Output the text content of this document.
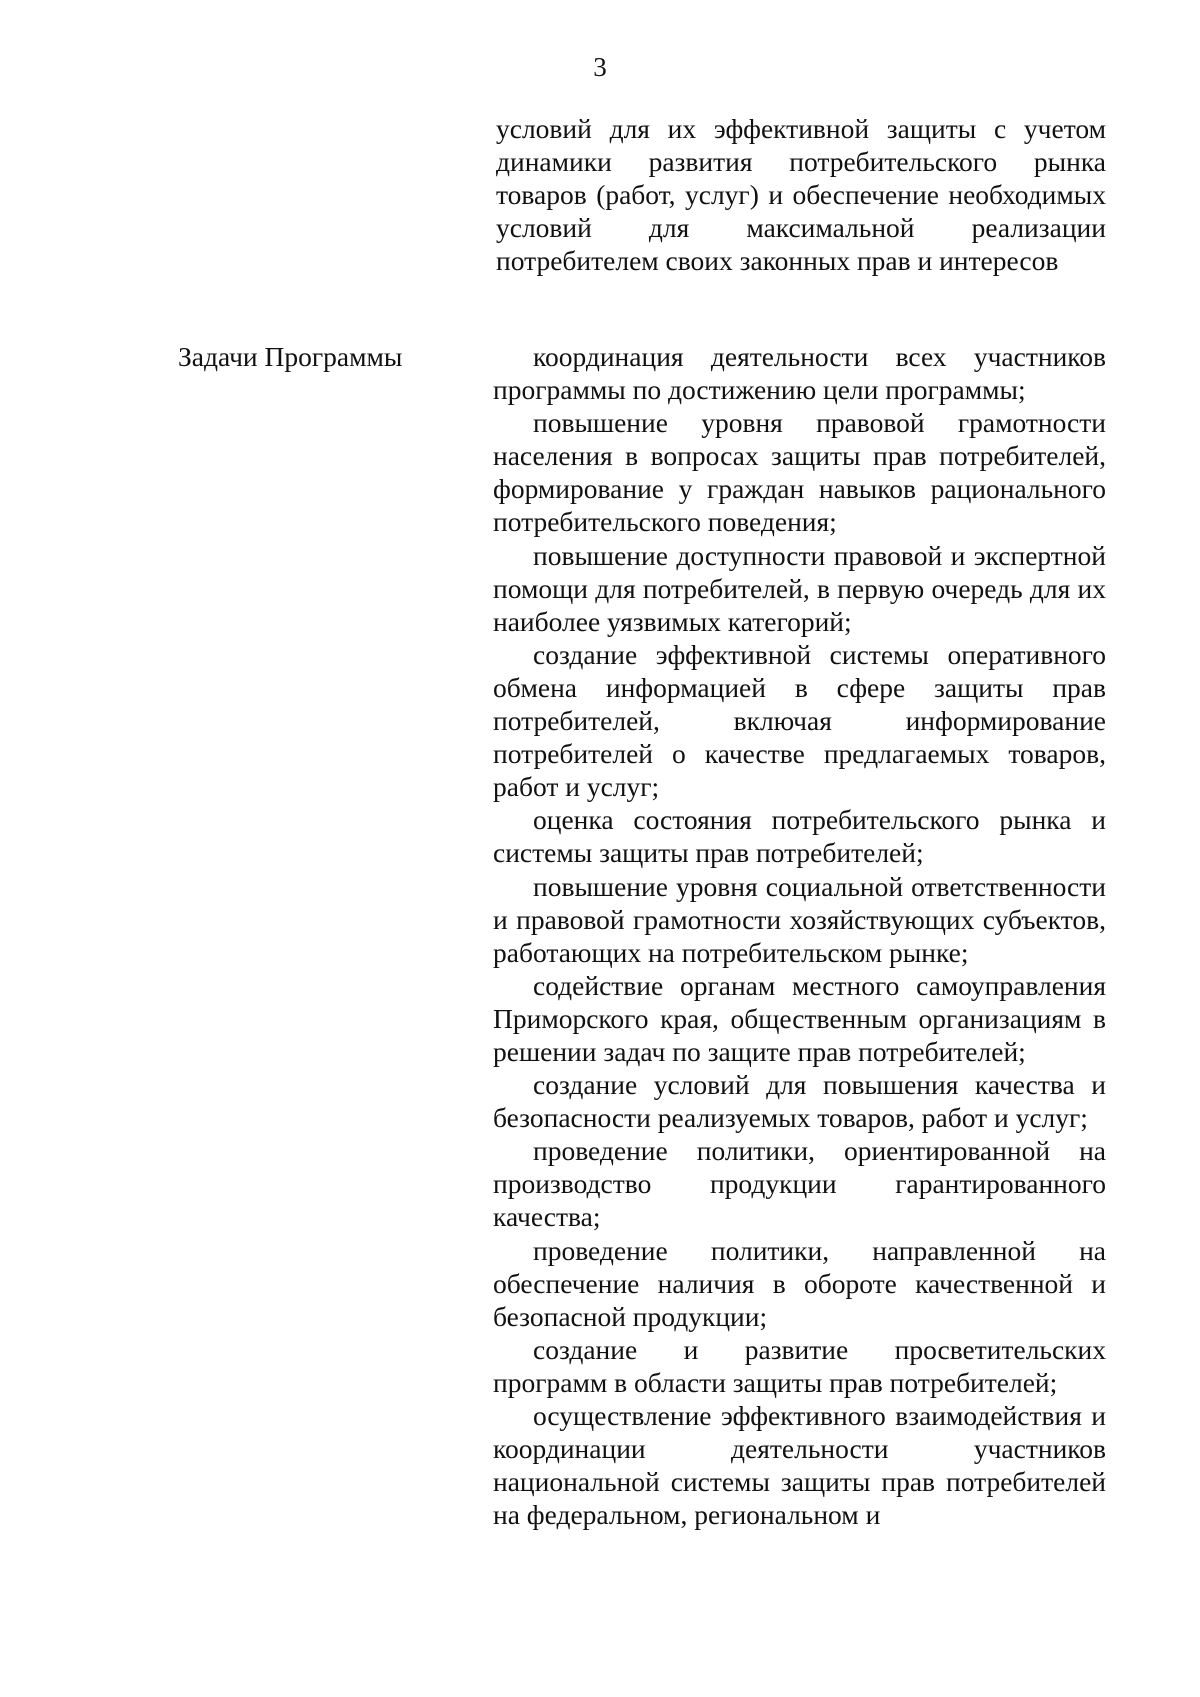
3
условий для их эффективной защиты с учетом динамики развития потребительского рынка товаров (работ, услуг) и обеспечение необходимых условий для максимальной реализации потребителем своих законных прав и интересов
Задачи Программы	координация деятельности всех участников программы по достижению цели программы;
повышение уровня правовой грамотности населения в вопросах защиты прав потребителей, формирование у граждан навыков рационального потребительского поведения;
повышение доступности правовой и экспертной помощи для потребителей, в первую очередь для их наиболее уязвимых категорий;
создание эффективной системы оперативного обмена информацией в сфере защиты прав потребителей, включая информирование потребителей о качестве предлагаемых товаров, работ и услуг;
оценка состояния потребительского рынка и системы защиты прав потребителей;
повышение уровня социальной ответственности и правовой грамотности хозяйствующих субъектов, работающих на потребительском рынке;
содействие органам местного самоуправления Приморского края, общественным организациям в решении задач по защите прав потребителей;
создание условий для повышения качества и безопасности реализуемых товаров, работ и услуг;
проведение политики, ориентированной на производство продукции гарантированного качества;
проведение политики, направленной на обеспечение наличия в обороте качественной и безопасной продукции;
создание и развитие просветительских программ в области защиты прав потребителей;
осуществление эффективного взаимодействия и координации деятельности участников национальной системы защиты прав потребителей на федеральном, региональном и
